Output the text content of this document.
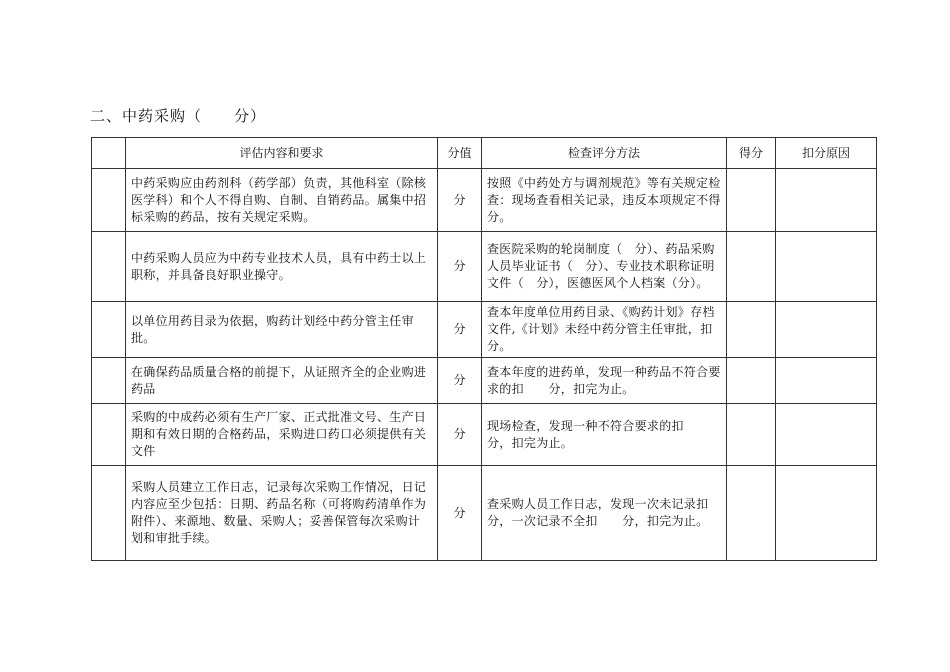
二、中药采购（　　分）
	评估内容和要求	分值	检查评分方法	得分	扣分原因
	中药采购应由药剂科（药学部）负责，其他科室（除核医学科）和个人不得自购、自制、自销药品。属集中招标采购的药品，按有关规定采购。	分	按照《中药处方与调剂规范》等有关规定检查：现场查看相关记录，违反本项规定不得分。		
	中药采购人员应为中药专业技术人员，具有中药士以上职称，并具备良好职业操守。	分	查医院采购的轮岗制度（　分）、药品采购人员毕业证书（　分）、专业技术职称证明文件（　分），医德医风个人档案（分）。		
	以单位用药目录为依据，购药计划经中药分管主任审批。	分	查本年度单位用药目录、《购药计划》存档文件,《计划》未经中药分管主任审批，扣　　分。		
	在确保药品质量合格的前提下，从证照齐全的企业购进药品	分	查本年度的进药单，发现一种药品不符合要求的扣　　分，扣完为止。		
	采购的中成药必须有生产厂家、正式批准文号、生产日期和有效日期的合格药品，采购进口药口必须提供有关文件	分	现场检查，发现一种不符合要求的扣　　分，扣完为止。		
	采购人员建立工作日志，记录每次采购工作情况，日记内容应至少包括：日期、药品名称（可将购药清单作为附件）、来源地、数量、采购人；妥善保管每次采购计划和审批手续。	分	查采购人员工作日志，发现一次未记录扣　　分，一次记录不全扣　　分，扣完为止。		
